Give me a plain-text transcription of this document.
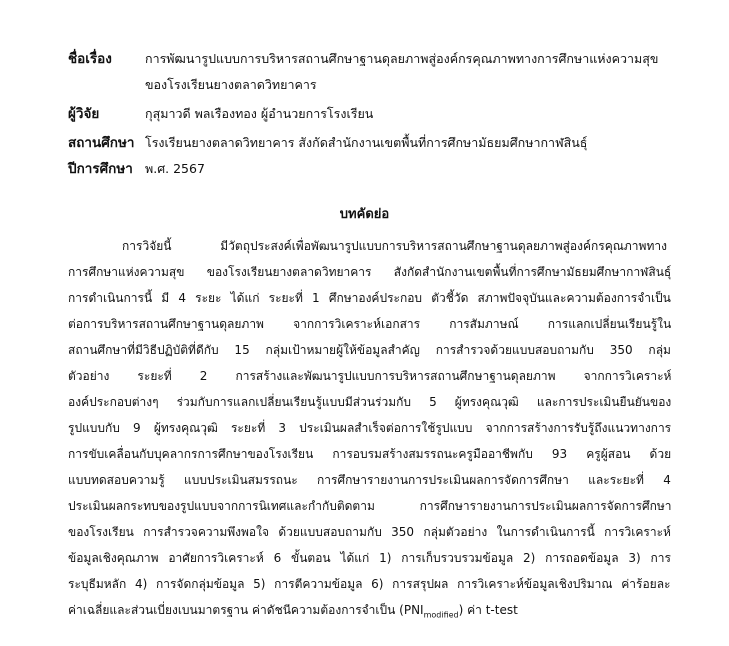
ชื่อเรื่อง	การพัฒนารูปแบบการบริหารสถานศึกษาฐานดุลยภาพสู่องค์กรคุณภาพทางการศึกษาแห่งความสุข
ของโรงเรียนยางตลาดวิทยาคาร
ผู้วิจัย	กุสุมาวดี พลเรืองทอง ผู้อำนวยการโรงเรียน
สถานศึกษา โรงเรียนยางตลาดวิทยาคาร สังกัดสำนักงานเขตพื้นที่การศึกษามัธยมศึกษากาฬสินธุ์
ปีการศึกษา พ.ศ. 2567
บทคัดย่อ
การวิจัยนี้ มีวัตถุประสงค์เพื่อพัฒนารูปแบบการบริหารสถานศึกษาฐานดุลยภาพสู่องค์กรคุณภาพทาง
การศึกษาแห่งความสุข ของโรงเรียนยางตลาดวิทยาคาร สังกัดสำนักงานเขตพื้นที่การศึกษามัธยมศึกษากาฬสินธุ์
การดำเนินการนี้ มี 4 ระยะ ได้แก่ ระยะที่ 1 ศึกษาองค์ประกอบ ตัวชี้วัด สภาพปัจจุบันและความต้องการจำเป็น
ต่อการบริหารสถานศึกษาฐานดุลยภาพ จากการวิเคราะห์เอกสาร การสัมภาษณ์ การแลกเปลี่ยนเรียนรู้ใน
สถานศึกษาที่มีวิธีปฏิบัติที่ดีกับ 15 กลุ่มเป้าหมายผู้ให้ข้อมูลสำคัญ การสำรวจด้วยแบบสอบถามกับ 350 กลุ่ม
ตัวอย่าง ระยะที่ 2 การสร้างและพัฒนารูปแบบการบริหารสถานศึกษาฐานดุลยภาพ จากการวิเคราะห์
องค์ประกอบต่างๆ ร่วมกับการแลกเปลี่ยนเรียนรู้แบบมีส่วนร่วมกับ 5 ผู้ทรงคุณวุฒิ และการประเมินยืนยันของ
รูปแบบกับ 9 ผู้ทรงคุณวุฒิ ระยะที่ 3 ประเมินผลสำเร็จต่อการใช้รูปแบบ จากการสร้างการรับรู้ถึงแนวทางการ
การขับเคลื่อนกับบุคลากรการศึกษาของโรงเรียน การอบรมสร้างสมรรถนะครูมืออาชีพกับ 93 ครูผู้สอน ด้วย
แบบทดสอบความรู้ แบบประเมินสมรรถนะ การศึกษารายงานการประเมินผลการจัดการศึกษา และระยะที่ 4
ประเมินผลกระทบของรูปแบบจากการนิเทศและกำกับติดตาม การศึกษารายงานการประเมินผลการจัดการศึกษา
ของโรงเรียน การสำรวจความพึงพอใจ ด้วยแบบสอบถามกับ 350 กลุ่มตัวอย่าง ในการดำเนินการนี้ การวิเคราะห์
ข้อมูลเชิงคุณภาพ อาศัยการวิเคราะห์ 6 ขั้นตอน ได้แก่ 1) การเก็บรวบรวมข้อมูล 2) การถอดข้อมูล 3) การ
ระบุธีมหลัก 4) การจัดกลุ่มข้อมูล 5) การตีความข้อมูล 6) การสรุปผล การวิเคราะห์ข้อมูลเชิงปริมาณ ค่าร้อยละ
ค่าเฉลี่ยและส่วนเบี่ยงเบนมาตรฐาน ค่าดัชนีความต้องการจำเป็น $(PNI_{modified})$ ค่า t-test
